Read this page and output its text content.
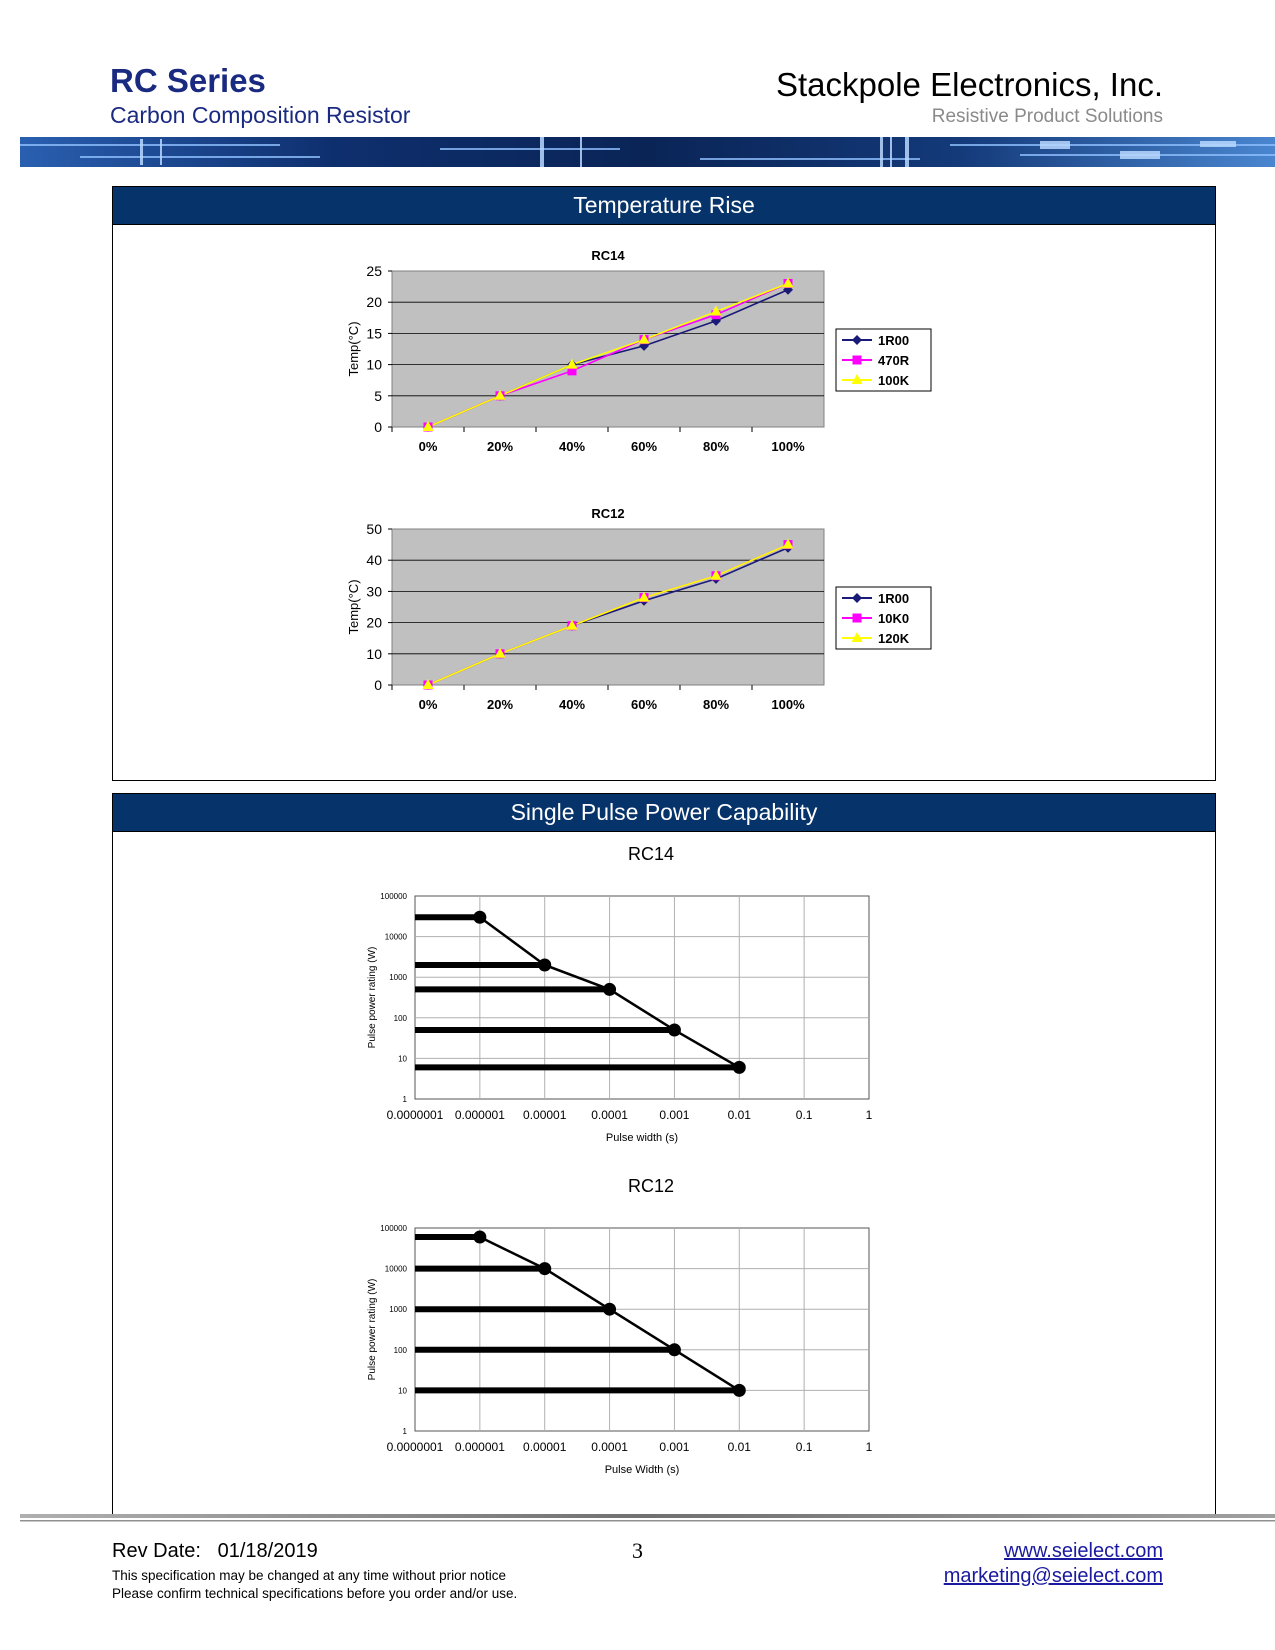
RC Series
Carbon Composition Resistor
Stackpole Electronics, Inc.
Resistive Product Solutions
Temperature Rise
RC14
25
20
15
10
5
0
0%	20%	40%	60%	80%	100%
Temp(°C)	1R00
470R
100K
RC12
50
40
30
20
10
0
0%	20%	40%	60%	80%	100%
Temp(°C)	1R00
10K0
120K
Single Pulse Power Capability
RC14
0.0000001 0.000001 0.00001 0.0001	0.001	0.01	0.1	1
100000
10000
1000
100
10
1
Pulse width (s)
Pulse power rating (W)
RC12
0.0000001 0.000001 0.00001 0.0001	0.001	0.01	0.1	1
100000
10000
1000
100
10
1
Pulse Width (s)
Pulse power rating (W)
Rev Date:   01/18/2019	3	www.seielect.com
marketing@seielect.com
This specification may be changed at any time without prior notice
Please confirm technical specifications before you order and/or use.
